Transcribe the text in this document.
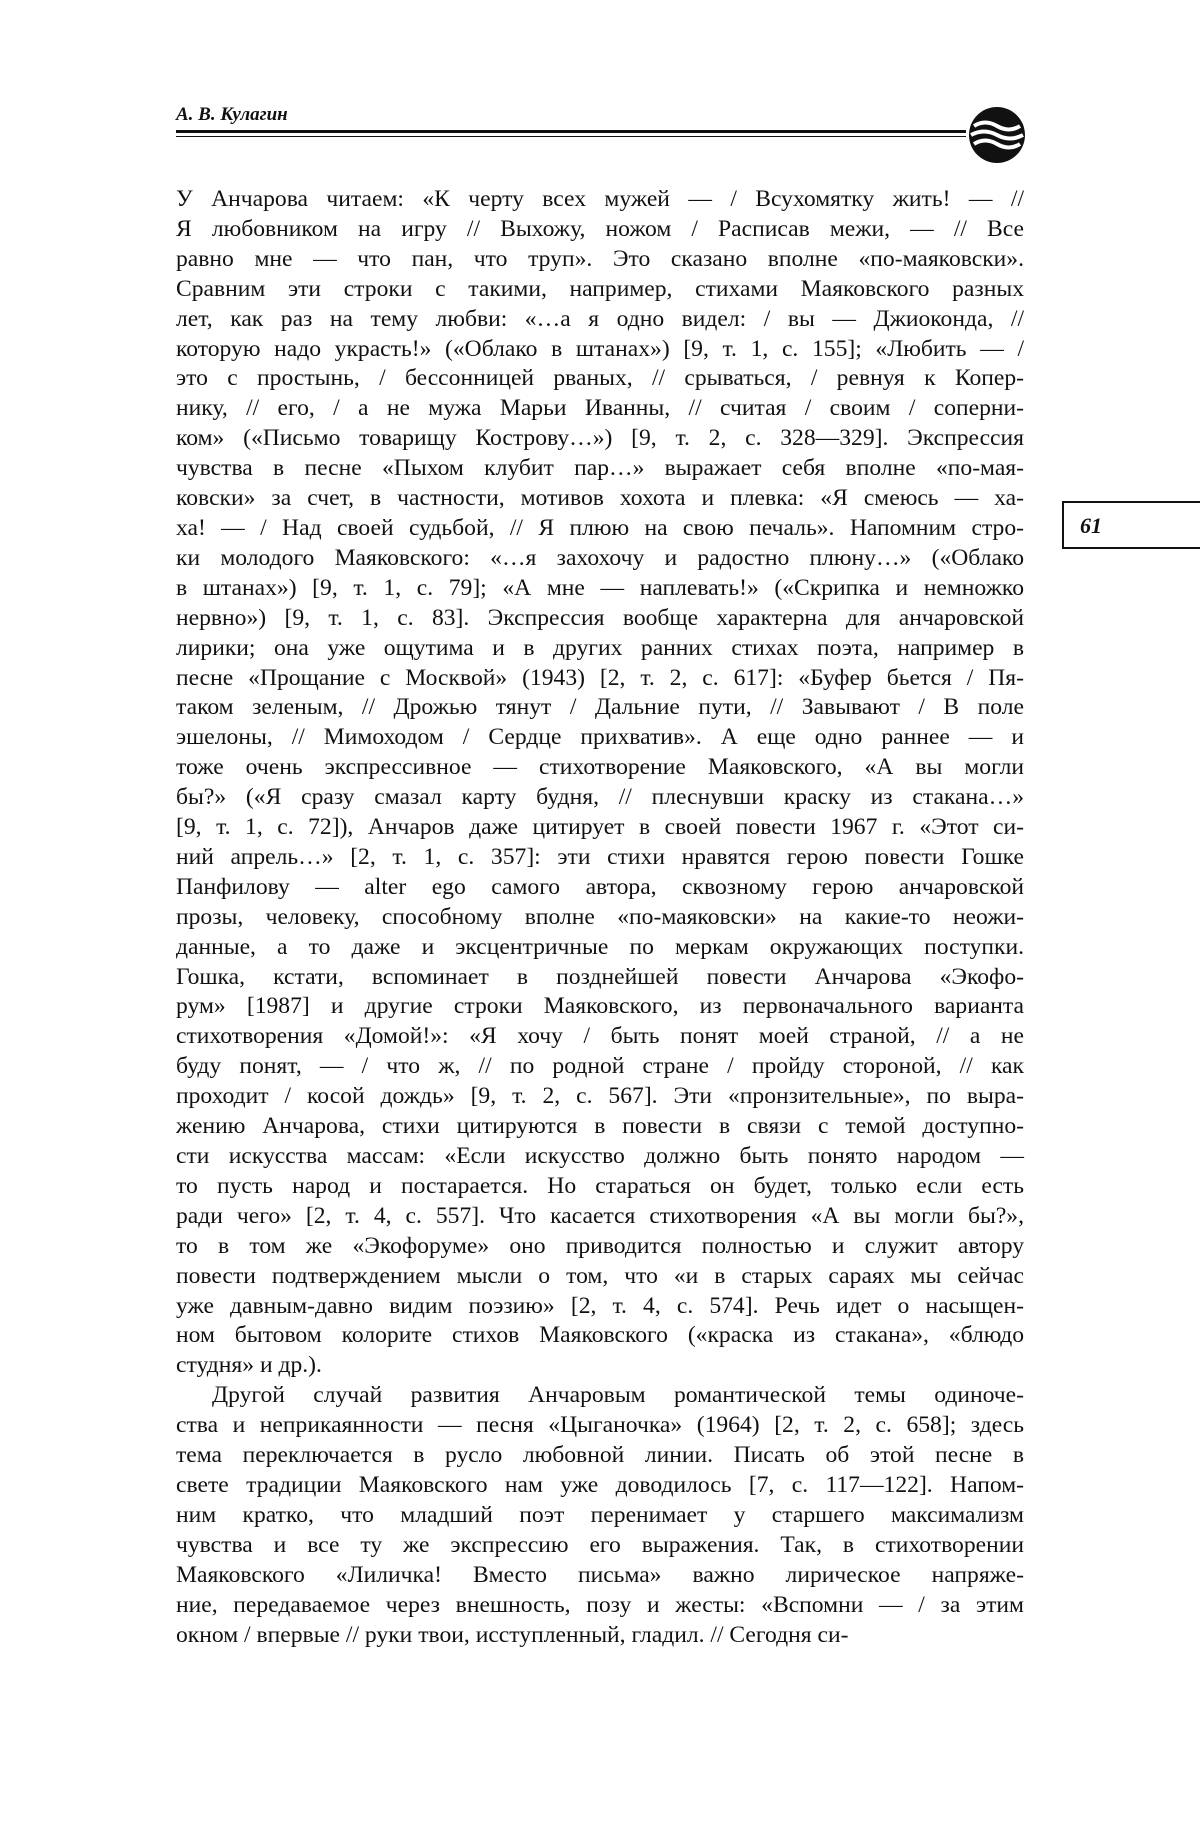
А. В. Кулагин
61
У Анчарова читаем: «К черту всех мужей — / Всухомятку жить! — //
Я любовником на игру // Выхожу, ножом / Расписав межи, — // Все
равно мне — что пан, что труп». Это сказано вполне «по-маяковски».
Сравним эти строки с такими, например, стихами Маяковского разных
лет, как раз на тему любви: «…а я одно видел: / вы — Джиоконда, //
которую надо украсть!» («Облако в штанах») [9, т. 1, с. 155]; «Любить — /
это с простынь, / бессонницей рваных, // срываться, / ревнуя к Копер-
нику, // его, / а не мужа Марьи Иванны, // считая / своим / соперни-
ком» («Письмо товарищу Кострову…») [9, т. 2, с. 328—329]. Экспрессия
чувства в песне «Пыхом клубит пар…» выражает себя вполне «по-мая-
ковски» за счет, в частности, мотивов хохота и плевка: «Я смеюсь — ха-
ха! — / Над своей судьбой, // Я плюю на свою печаль». Напомним стро-
ки молодого Маяковского: «…я захохочу и радостно плюну…» («Облако
в штанах») [9, т. 1, с. 79]; «А мне — наплевать!» («Скрипка и немножко
нервно») [9, т. 1, с. 83]. Экспрессия вообще характерна для анчаровской
лирики; она уже ощутима и в других ранних стихах поэта, например в
песне «Прощание с Москвой» (1943) [2, т. 2, с. 617]: «Буфер бьется / Пя-
таком зеленым, // Дрожью тянут / Дальние пути, // Завывают / В поле
эшелоны, // Мимоходом / Сердце прихватив». А еще одно раннее — и
тоже очень экспрессивное — стихотворение Маяковского, «А вы могли
бы?» («Я сразу смазал карту будня, // плеснувши краску из стакана…»
[9, т. 1, с. 72]), Анчаров даже цитирует в своей повести 1967 г. «Этот си-
ний апрель…» [2, т. 1, с. 357]: эти стихи нравятся герою повести Гошке
Панфилову — alter ego самого автора, сквозному герою анчаровской
прозы, человеку, способному вполне «по-маяковски» на какие-то неожи-
данные, а то даже и эксцентричные по меркам окружающих поступки.
Гошка, кстати, вспоминает в позднейшей повести Анчарова «Экофо-
рум» [1987] и другие строки Маяковского, из первоначального варианта
стихотворения «Домой!»: «Я хочу / быть понят моей страной, // а не
буду понят, — / что ж, // по родной стране / пройду стороной, // как
проходит / косой дождь» [9, т. 2, с. 567]. Эти «пронзительные», по выра-
жению Анчарова, стихи цитируются в повести в связи с темой доступно-
сти искусства массам: «Если искусство должно быть понято народом —
то пусть народ и постарается. Но стараться он будет, только если есть
ради чего» [2, т. 4, с. 557]. Что касается стихотворения «А вы могли бы?»,
то в том же «Экофоруме» оно приводится полностью и служит автору
повести подтверждением мысли о том, что «и в старых сараях мы сейчас
уже давным-давно видим поэзию» [2, т. 4, с. 574]. Речь идет о насыщен-
ном бытовом колорите стихов Маяковского («краска из стакана», «блюдо
студня» и др.).
Другой случай развития Анчаровым романтической темы одиноче-
ства и неприкаянности — песня «Цыганочка» (1964) [2, т. 2, с. 658]; здесь
тема переключается в русло любовной линии. Писать об этой песне в
свете традиции Маяковского нам уже доводилось [7, с. 117—122]. Напом-
ним кратко, что младший поэт перенимает у старшего максимализм
чувства и все ту же экспрессию его выражения. Так, в стихотворении
Маяковского «Лиличка! Вместо письма» важно лирическое напряже-
ние, передаваемое через внешность, позу и жесты: «Вспомни — / за этим
окном / впервые // руки твои, исступленный, гладил. // Сегодня си-
